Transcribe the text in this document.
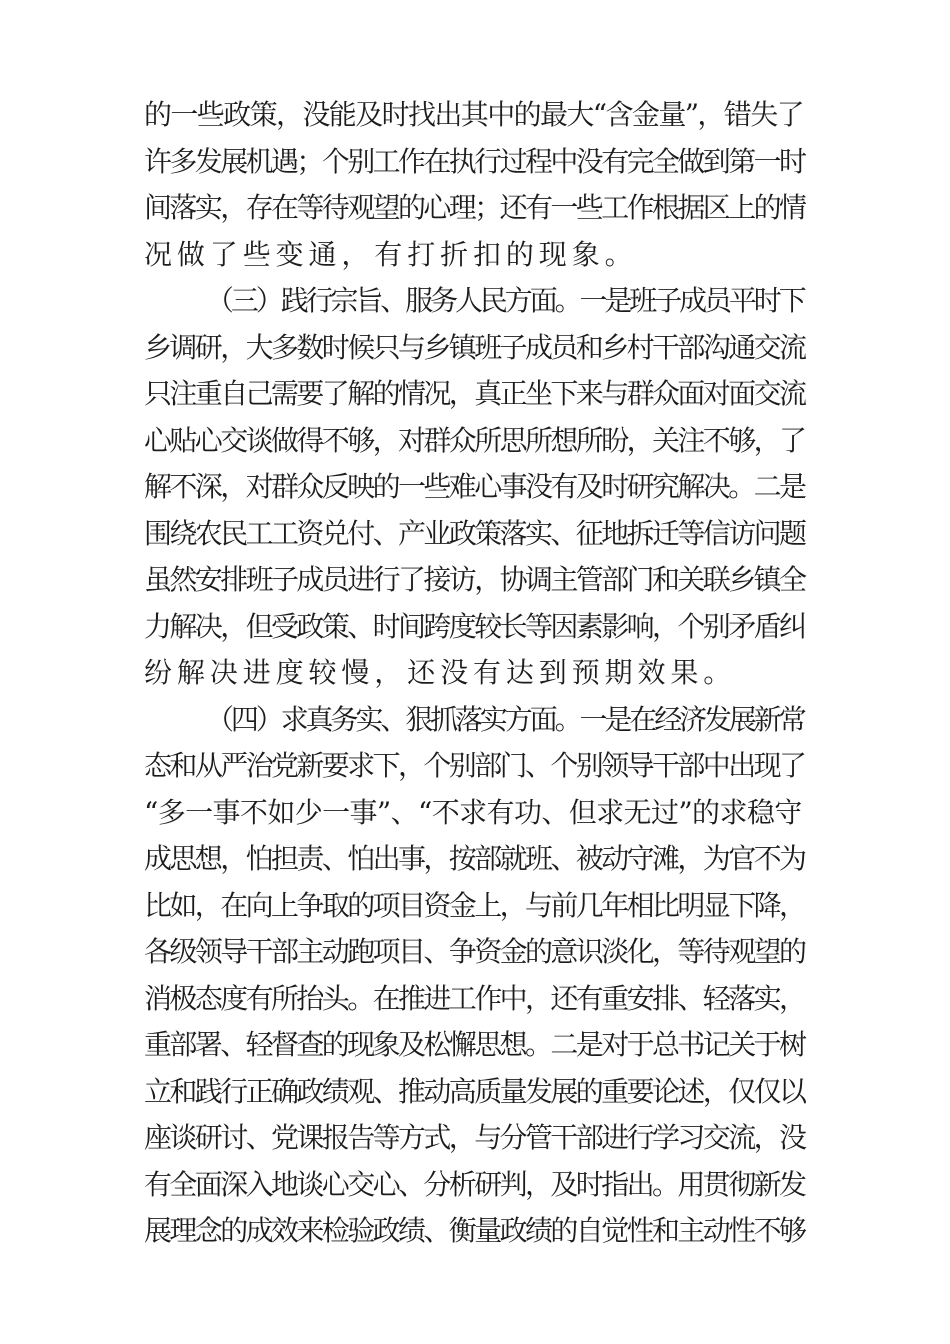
的一些政策，没能及时找出其中的最大“含金量”，错失了
许多发展机遇；个别工作在执行过程中没有完全做到第一时
间落实，存在等待观望的心理；还有一些工作根据区上的情
况做了些变通，有打折扣的现象。
（三）践行宗旨、服务人民方面。一是班子成员平时下
乡调研，大多数时候只与乡镇班子成员和乡村干部沟通交流
只注重自己需要了解的情况，真正坐下来与群众面对面交流
心贴心交谈做得不够，对群众所思所想所盼，关注不够，了
解不深，对群众反映的一些难心事没有及时研究解决。二是
围绕农民工工资兑付、产业政策落实、征地拆迁等信访问题
虽然安排班子成员进行了接访，协调主管部门和关联乡镇全
力解决，但受政策、时间跨度较长等因素影响，个别矛盾纠
纷解决进度较慢，还没有达到预期效果。
（四）求真务实、狠抓落实方面。一是在经济发展新常
态和从严治党新要求下，个别部门、个别领导干部中出现了
“多一事不如少一事”、“不求有功、但求无过”的求稳守
成思想，怕担责、怕出事，按部就班、被动守滩，为官不为
比如，在向上争取的项目资金上，与前几年相比明显下降，
各级领导干部主动跑项目、争资金的意识淡化，等待观望的
消极态度有所抬头。在推进工作中，还有重安排、轻落实，
重部署、轻督查的现象及松懈思想。二是对于总书记关于树
立和践行正确政绩观、推动高质量发展的重要论述，仅仅以
座谈研讨、党课报告等方式，与分管干部进行学习交流，没
有全面深入地谈心交心、分析研判，及时指出。用贯彻新发
展理念的成效来检验政绩、衡量政绩的自觉性和主动性不够
